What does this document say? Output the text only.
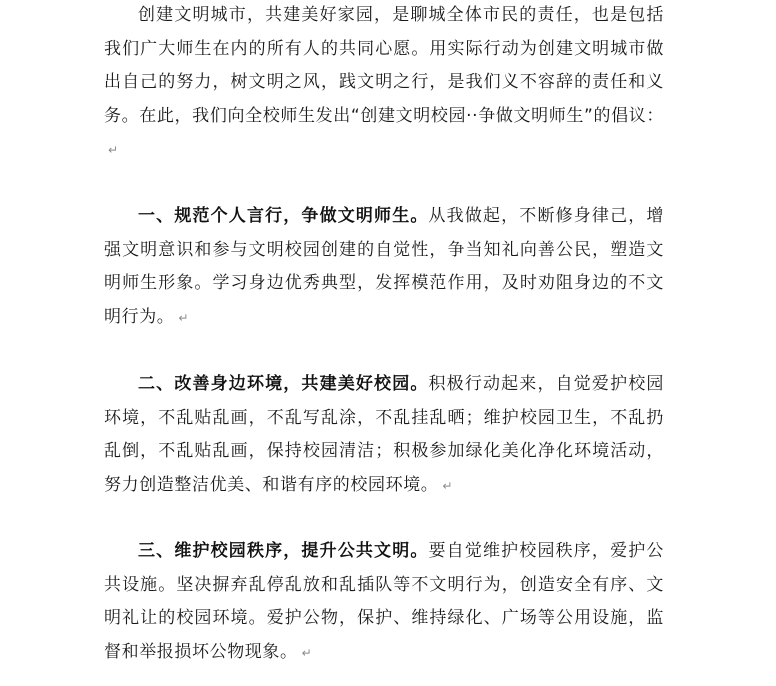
创建文明城市，共建美好家园，是聊城全体市民的责任，也是包括我们广大师生在内的所有人的共同心愿。用实际行动为创建文明城市做出自己的努力，树文明之风，践文明之行，是我们义不容辞的责任和义务。在此，我们向全校师生发出“创建文明校园··争做文明师生”的倡议：↵

一、规范个人言行，争做文明师生。从我做起，不断修身律己，增强文明意识和参与文明校园创建的自觉性，争当知礼向善公民，塑造文明师生形象。学习身边优秀典型，发挥模范作用，及时劝阻身边的不文明行为。 ↵

二、改善身边环境，共建美好校园。积极行动起来，自觉爱护校园环境，不乱贴乱画，不乱写乱涂，不乱挂乱晒；维护校园卫生，不乱扔乱倒，不乱贴乱画，保持校园清洁；积极参加绿化美化净化环境活动，努力创造整洁优美、和谐有序的校园环境。 ↵

三、维护校园秩序，提升公共文明。要自觉维护校园秩序，爱护公共设施。坚决摒弃乱停乱放和乱插队等不文明行为，创造安全有序、文明礼让的校园环境。爱护公物，保护、维持绿化、广场等公用设施，监督和举报损坏公物现象。 ↵
